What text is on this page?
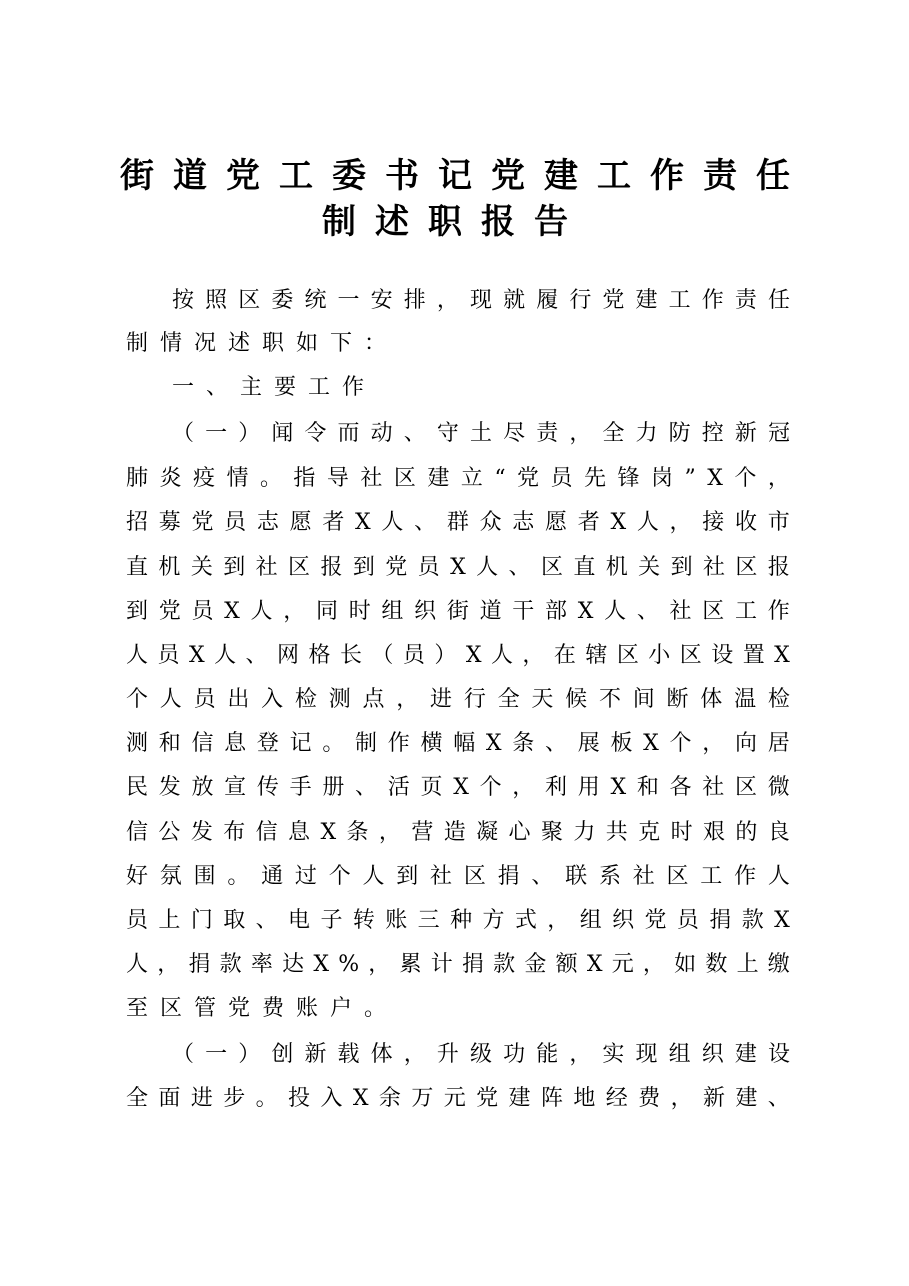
街道党工委书记党建工作责任
制述职报告
按 照 区 委 统 一 安 排 ， 现 就 履 行 党 建 工 作 责 任
制情况述职如下：
一、主要工作
（ 一 ） 闻 令 而 动 、 守 土 尽 责 ， 全 力 防 控 新 冠
肺 炎 疫 情 。 指 导 社 区 建 立 “ 党 员 先 锋 岗 ” X 个 ，
招 募 党 员 志 愿 者 X 人 、 群 众 志 愿 者 X 人 ， 接 收 市
直 机 关 到 社 区 报 到 党 员 X 人 、 区 直 机 关 到 社 区 报
到 党 员 X 人 ， 同 时 组 织 街 道 干 部 X 人 、 社 区 工 作
人 员 X 人 、 网 格 长 （ 员 ） X 人 ， 在 辖 区 小 区 设 置 X
个 人 员 出 入 检 测 点 ， 进 行 全 天 候 不 间 断 体 温 检
测 和 信 息 登 记 。 制 作 横 幅 X 条 、 展 板 X 个 ， 向 居
民 发 放 宣 传 手 册 、 活 页 X 个 ， 利 用 X 和 各 社 区 微
信 公 发 布 信 息 X 条 ， 营 造 凝 心 聚 力 共 克 时 艰 的 良
好 氛 围 。 通 过 个 人 到 社 区 捐 、 联 系 社 区 工 作 人
员 上 门 取 、 电 子 转 账 三 种 方 式 ， 组 织 党 员 捐 款 X
人 ， 捐 款 率 达 X % ， 累 计 捐 款 金 额 X 元 ， 如 数 上 缴
至区管党费账户。
（ 一 ） 创 新 载 体 ， 升 级 功 能 ， 实 现 组 织 建 设
全 面 进 步 。 投 入 X 余 万 元 党 建 阵 地 经 费 ， 新 建 、
